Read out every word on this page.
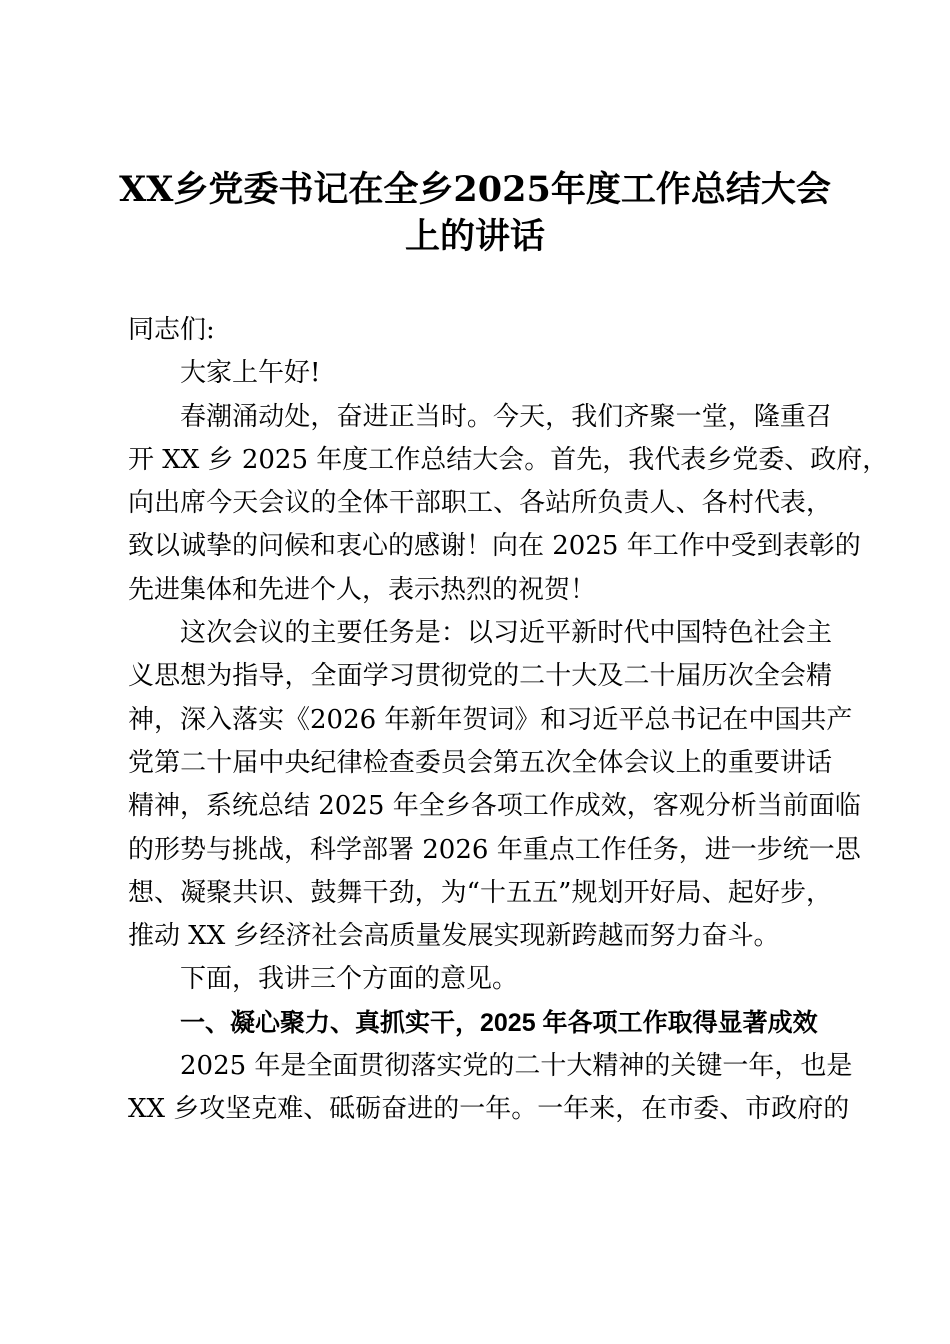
XX乡党委书记在全乡2025年度工作总结大会
上的讲话
同志们:
大家上午好!
春潮涌动处，奋进正当时。今天，我们齐聚一堂，隆重召
开 XX 乡 2025 年度工作总结大会。首先，我代表乡党委、政府，
向出席今天会议的全体干部职工、各站所负责人、各村代表，
致以诚挚的问候和衷心的感谢！向在 2025 年工作中受到表彰的
先进集体和先进个人，表示热烈的祝贺！
这次会议的主要任务是：以习近平新时代中国特色社会主
义思想为指导，全面学习贯彻党的二十大及二十届历次全会精
神，深入落实《2026 年新年贺词》和习近平总书记在中国共产
党第二十届中央纪律检查委员会第五次全体会议上的重要讲话
精神，系统总结 2025 年全乡各项工作成效，客观分析当前面临
的形势与挑战，科学部署 2026 年重点工作任务，进一步统一思
想、凝聚共识、鼓舞干劲，为“十五五”规划开好局、起好步，
推动 XX 乡经济社会高质量发展实现新跨越而努力奋斗。
下面，我讲三个方面的意见。
一、凝心聚力、真抓实干，2025 年各项工作取得显著成效
2025 年是全面贯彻落实党的二十大精神的关键一年，也是
XX 乡攻坚克难、砥砺奋进的一年。一年来，在市委、市政府的
